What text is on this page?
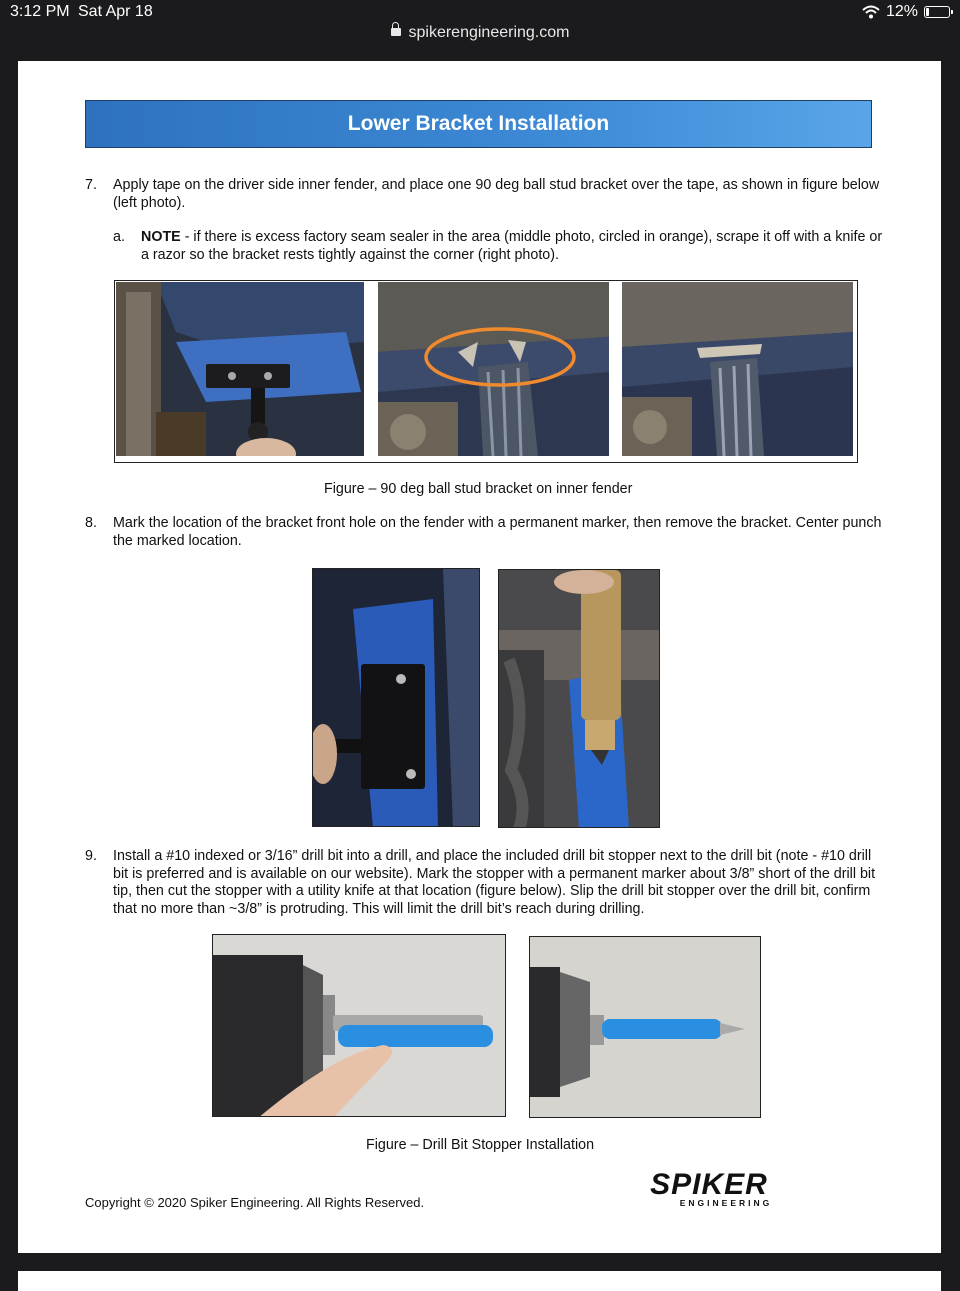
3:12 PM Sat Apr 18	12%
spikerengineering.com
Lower Bracket Installation
7. Apply tape on the driver side inner fender, and place one 90 deg ball stud bracket over the tape, as shown in figure below (left photo).
a. NOTE - if there is excess factory seam sealer in the area (middle photo, circled in orange), scrape it off with a knife or a razor so the bracket rests tightly against the corner (right photo).
Figure – 90 deg ball stud bracket on inner fender
8. Mark the location of the bracket front hole on the fender with a permanent marker, then remove the bracket. Center punch the marked location.
9. Install a #10 indexed or 3/16” drill bit into a drill, and place the included drill bit stopper next to the drill bit (note - #10 drill bit is preferred and is available on our website). Mark the stopper with a permanent marker about 3/8” short of the drill bit tip, then cut the stopper with a utility knife at that location (figure below). Slip the drill bit stopper over the drill bit, confirm that no more than ~3/8” is protruding. This will limit the drill bit’s reach during drilling.
Figure – Drill Bit Stopper Installation
Copyright © 2020 Spiker Engineering. All Rights Reserved.
SPIKER
ENGINEERING
